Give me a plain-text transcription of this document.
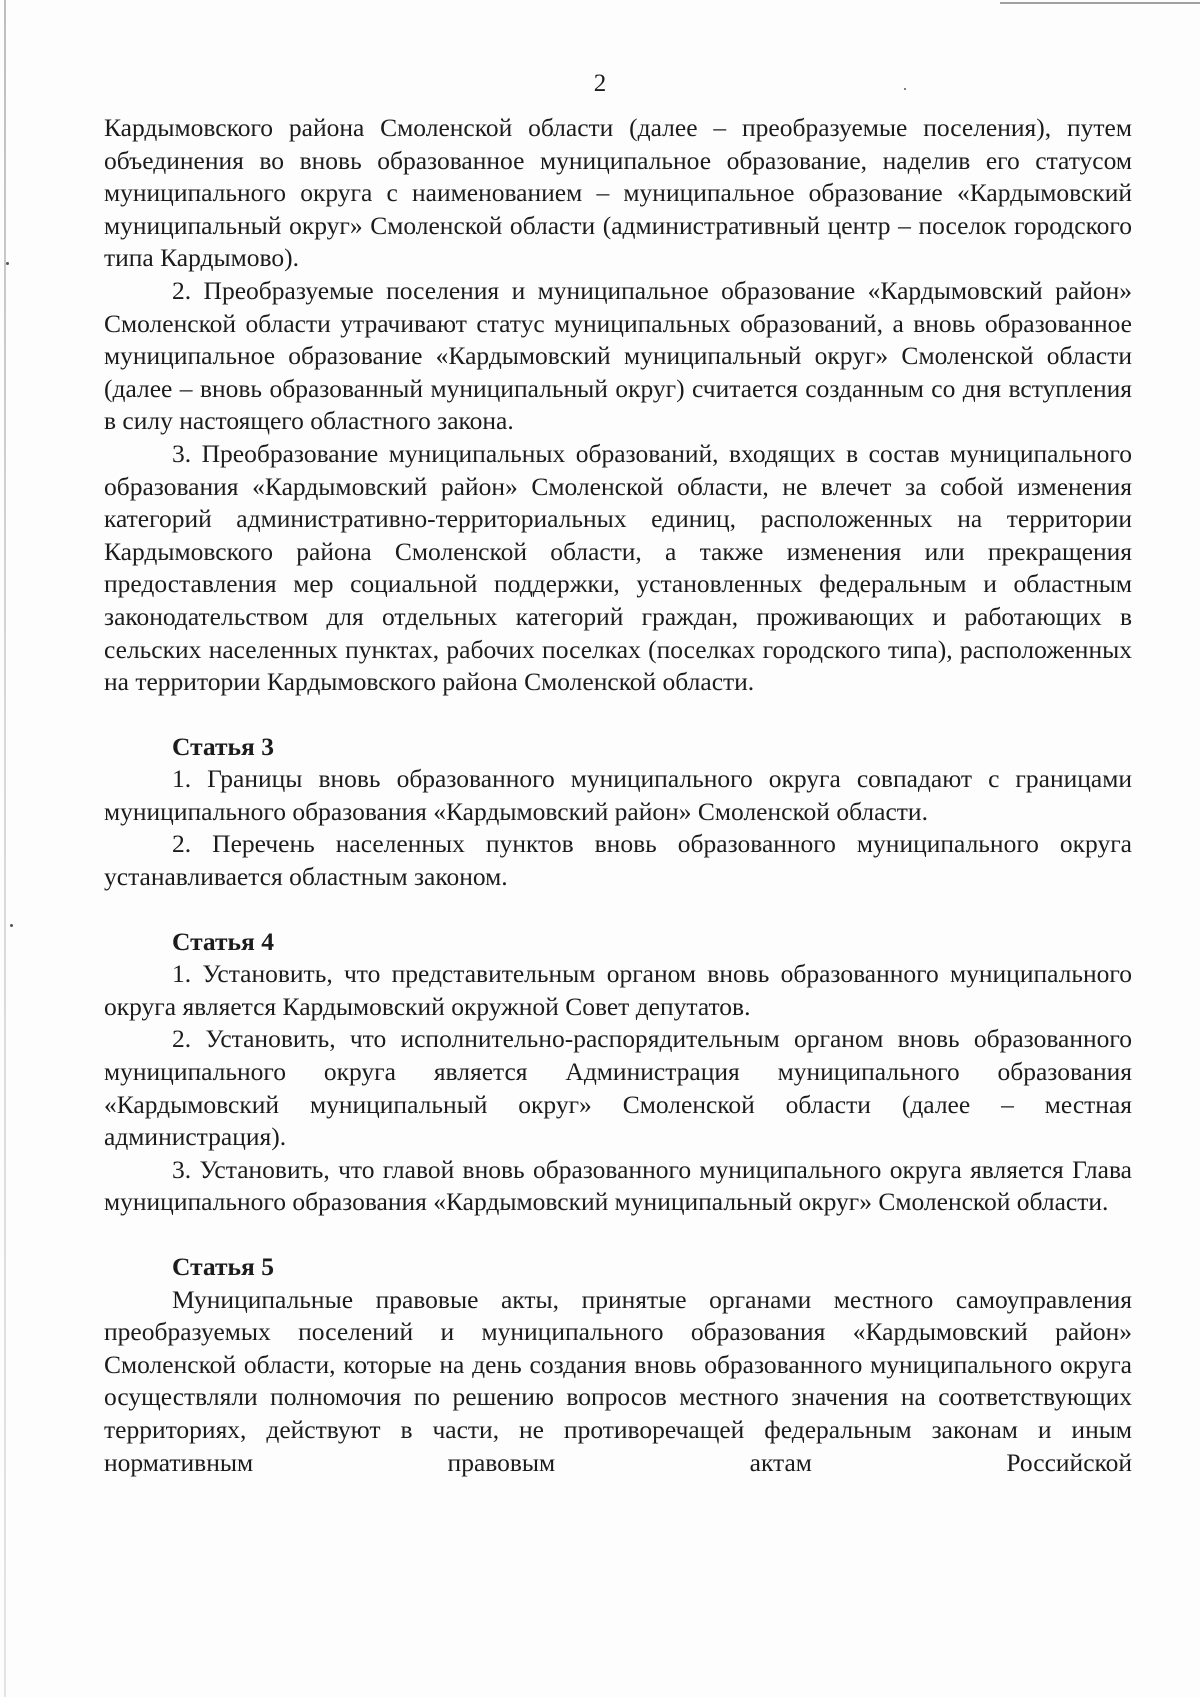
2

Кардымовского района Смоленской области (далее – преобразуемые поселения), путем объединения во вновь образованное муниципальное образование, наделив его статусом муниципального округа с наименованием – муниципальное образование «Кардымовский муниципальный округ» Смоленской области (административный центр – поселок городского типа Кардымово).

2. Преобразуемые поселения и муниципальное образование «Кардымовский район» Смоленской области утрачивают статус муниципальных образований, а вновь образованное муниципальное образование «Кардымовский муниципальный округ» Смоленской области (далее – вновь образованный муниципальный округ) считается созданным со дня вступления в силу настоящего областного закона.

3. Преобразование муниципальных образований, входящих в состав муниципального образования «Кардымовский район» Смоленской области, не влечет за собой изменения категорий административно-территориальных единиц, расположенных на территории Кардымовского района Смоленской области, а также изменения или прекращения предоставления мер социальной поддержки, установленных федеральным и областным законодательством для отдельных категорий граждан, проживающих и работающих в сельских населенных пунктах, рабочих поселках (поселках городского типа), расположенных на территории Кардымовского района Смоленской области.

Статья 3

1. Границы вновь образованного муниципального округа совпадают с границами муниципального образования «Кардымовский район» Смоленской области.

2. Перечень населенных пунктов вновь образованного муниципального округа устанавливается областным законом.

Статья 4

1. Установить, что представительным органом вновь образованного муниципального округа является Кардымовский окружной Совет депутатов.

2. Установить, что исполнительно-распорядительным органом вновь образованного муниципального округа является Администрация муниципального образования «Кардымовский муниципальный округ» Смоленской области (далее – местная администрация).

3. Установить, что главой вновь образованного муниципального округа является Глава муниципального образования «Кардымовский муниципальный округ» Смоленской области.

Статья 5

Муниципальные правовые акты, принятые органами местного самоуправления преобразуемых поселений и муниципального образования «Кардымовский район» Смоленской области, которые на день создания вновь образованного муниципального округа осуществляли полномочия по решению вопросов местного значения на соответствующих территориях, действуют в части, не противоречащей федеральным законам и иным нормативным правовым актам Российской
